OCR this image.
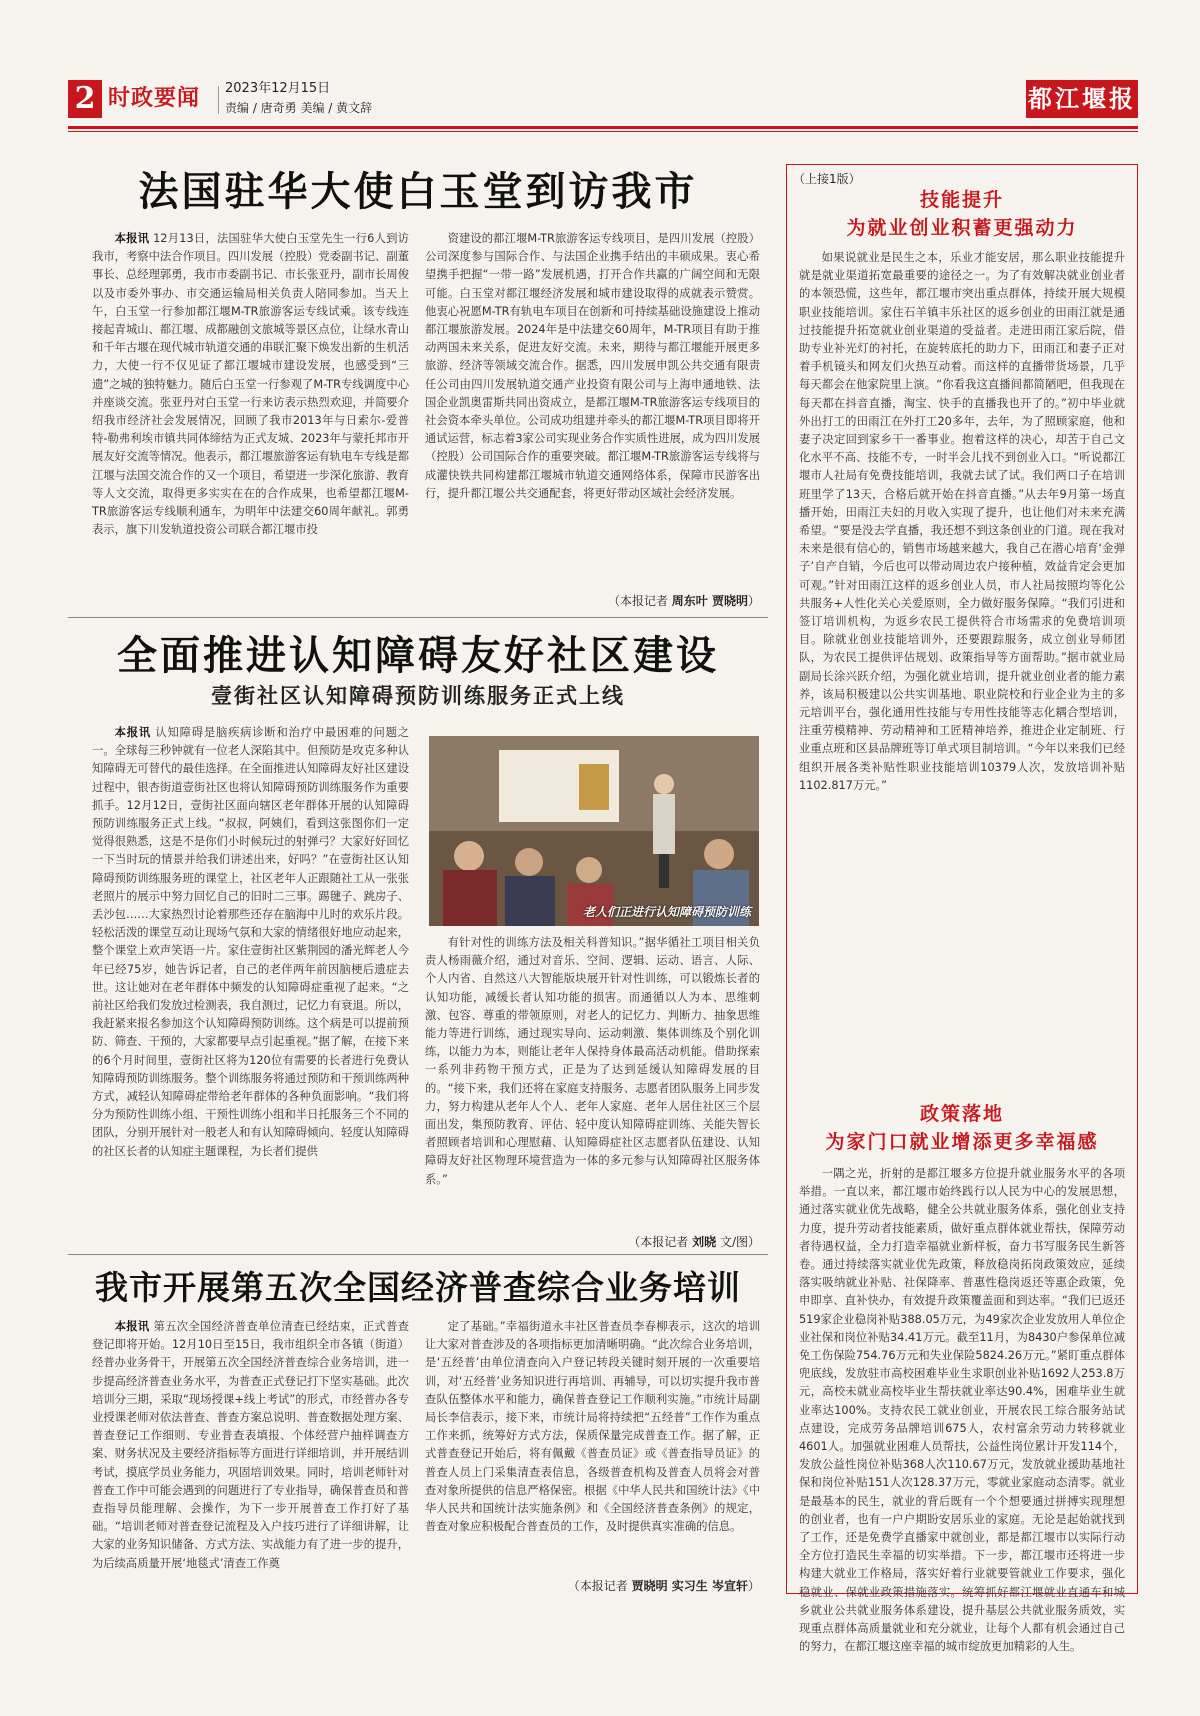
2 时政要闻 2023年12月15日
责编 / 唐奇勇 美编 / 黄文辞	都江堰报
法国驻华大使白玉堂到访我市

本报讯 12月13日，法国驻华大使白玉堂先生一行6人到访我市，考察中法合作项目。四川发展（控股）党委副书记、副董事长、总经理郭勇，我市市委副书记、市长张亚丹，副市长周俊以及市委外事办、市交通运输局相关负责人陪同参加。当天上午，白玉堂一行参加都江堰M-TR旅游客运专线试乘。该专线连接起青城山、都江堰、成都融创文旅城等景区点位，让绿水青山和千年古堰在现代城市轨道交通的串联汇聚下焕发出新的生机活力，大使一行不仅见证了都江堰城市建设发展，也感受到“三遗”之城的独特魅力。随后白玉堂一行参观了M-TR专线调度中心并座谈交流。张亚丹对白玉堂一行来访表示热烈欢迎，并简要介绍我市经济社会发展情况，回顾了我市2013年与日索尔-爱普特-勒弗利埃市镇共同体缔结为正式友城、2023年与蒙托邦市开展友好交流等情况。他表示，都江堰旅游客运有轨电车专线是都江堰与法国交流合作的又一个项目，希望进一步深化旅游、教育等人文交流，取得更多实实在在的合作成果，也希望都江堰M-TR旅游客运专线顺利通车，为明年中法建交60周年献礼。郭勇表示，旗下川发轨道投资公司联合都江堰市投

资建设的都江堰M-TR旅游客运专线项目，是四川发展（控股）公司深度参与国际合作、与法国企业携手结出的丰硕成果。衷心希望携手把握“一带一路”发展机遇，打开合作共赢的广阔空间和无限可能。白玉堂对都江堰经济发展和城市建设取得的成就表示赞赏。他衷心祝愿M-TR有轨电车项目在创新和可持续基础设施建设上推动都江堰旅游发展。2024年是中法建交60周年，M-TR项目有助于推动两国未来关系，促进友好交流。未来，期待与都江堰能开展更多旅游、经济等领域交流合作。据悉，四川发展申凯公共交通有限责任公司由四川发展轨道交通产业投资有限公司与上海申通地铁、法国企业凯奥雷斯共同出资成立，是都江堰M-TR旅游客运专线项目的社会资本牵头单位。公司成功组建并牵头的都江堰M-TR项目即将开通试运营，标志着3家公司实现业务合作实质性进展，成为四川发展（控股）公司国际合作的重要突破。都江堰M-TR旅游客运专线将与成灌快铁共同构建都江堰城市轨道交通网络体系，保障市民游客出行，提升都江堰公共交通配套，将更好带动区域社会经济发展。

（本报记者 周东叶 贾晓明）
全面推进认知障碍友好社区建设
壹街社区认知障碍预防训练服务正式上线

本报讯 认知障碍是脑疾病诊断和治疗中最困难的问题之一。全球每三秒钟就有一位老人深陷其中。但预防是攻克多种认知障碍无可替代的最佳选择。在全面推进认知障碍友好社区建设过程中，银杏街道壹街社区也将认知障碍预防训练服务作为重要抓手。12月12日，壹街社区面向辖区老年群体开展的认知障碍预防训练服务正式上线。“叔叔，阿姨们，看到这张图你们一定觉得很熟悉，这是不是你们小时候玩过的射弹弓？大家好好回忆一下当时玩的情景并给我们讲述出来，好吗？”在壹街社区认知障碍预防训练服务班的课堂上，社区老年人正跟随社工从一张张老照片的展示中努力回忆自己的旧时二三事。踢毽子、跳房子、丢沙包……大家热烈讨论着那些还存在脑海中儿时的欢乐片段。轻松活泼的课堂互动让现场气氛和大家的情绪很好地应动起来，整个课堂上欢声笑语一片。家住壹街社区紫荆园的潘光辉老人今年已经75岁，她告诉记者，自己的老伴两年前因脑梗后遗症去世。这让她对在老年群体中频发的认知障碍症重视了起来。“之前社区给我们发放过检测表，我自测过，记忆力有衰退。所以，我赶紧来报名参加这个认知障碍预防训练。这个病是可以提前预防、筛查、干预的，大家都要早点引起重视。”据了解，在接下来的6个月时间里，壹街社区将为120位有需要的长者进行免费认知障碍预防训练服务。整个训练服务将通过预防和干预训练两种方式，减轻认知障碍症带给老年群体的各种负面影响。“我们将分为预防性训练小组、干预性训练小组和半日托服务三个不同的团队，分别开展针对一般老人和有认知障碍倾向、轻度认知障碍的社区长者的认知症主题课程，为长者们提供

老人们正进行认知障碍预防训练

有针对性的训练方法及相关科普知识。”据华循社工项目相关负责人杨雨薇介绍，通过对音乐、空间、逻辑、运动、语言、人际、个人内省、自然这八大智能版块展开针对性训练，可以锻炼长者的认知功能，减缓长者认知功能的损害。而通循以人为本、思维刺激、包容、尊重的带领原则，对老人的记忆力、判断力、抽象思维能力等进行训练，通过现实导向、运动刺激、集体训练及个别化训练，以能力为本，则能让老年人保持身体最高活动机能。借助探索一系列非药物干预方式，正是为了达到延缓认知障碍发展的目的。“接下来，我们还将在家庭支持服务、志愿者团队服务上同步发力，努力构建从老年人个人、老年人家庭、老年人居住社区三个层面出发，集预防教育、评估、轻中度认知障碍症训练、关能失智长者照顾者培训和心理慰藉、认知障碍症社区志愿者队伍建设、认知障碍友好社区物理环境营造为一体的多元参与认知障碍社区服务体系。”

（本报记者 刘晓 文/图）
我市开展第五次全国经济普查综合业务培训

本报讯 第五次全国经济普查单位清查已经结束，正式普查登记即将开始。12月10日至15日，我市组织全市各镇（街道）经普办业务骨干，开展第五次全国经济普查综合业务培训，进一步提高经济普查业务水平，为普查正式登记打下坚实基础。此次培训分三期，采取“现场授课+线上考试”的形式，市经普办各专业授课老师对依法普查、普查方案总说明、普查数据处理方案、普查登记工作细则、专业普查表填报、个体经营户抽样调查方案、财务状况及主要经济指标等方面进行详细培训，并开展结训考试，摸底学员业务能力，巩固培训效果。同时，培训老师针对普查工作中可能会遇到的问题进行了专业指导，确保普查员和普查指导员能理解、会操作，为下一步开展普查工作打好了基础。“培训老师对普查登记流程及入户技巧进行了详细讲解，让大家的业务知识储备、方式方法、实战能力有了进一步的提升，为后续高质量开展‘地毯式’清查工作奠

定了基础。”幸福街道永丰社区普查员李春柳表示，这次的培训让大家对普查涉及的各项指标更加清晰明确。“此次综合业务培训，是‘五经普’由单位清查向入户登记转段关键时刻开展的一次重要培训，对‘五经普’业务知识进行再培训、再辅导，可以切实提升我市普查队伍整体水平和能力，确保普查登记工作顺利实施。”市统计局副局长李信表示，接下来，市统计局将持续把“五经普”工作作为重点工作来抓，统筹好方式方法，保质保量完成普查工作。据了解，正式普查登记开始后，将有佩戴《普查员证》或《普查指导员证》的普查人员上门采集清查表信息，各级普查机构及普查人员将会对普查对象所提供的信息严格保密。根据《中华人民共和国统计法》《中华人民共和国统计法实施条例》和《全国经济普查条例》的规定，普查对象应积极配合普查员的工作，及时提供真实准确的信息。

（本报记者 贾晓明 实习生 岑宣轩）
（上接1版）
技能提升
为就业创业积蓄更强动力

如果说就业是民生之本，乐业才能安居，那么职业技能提升就是就业渠道拓宽最重要的途径之一。为了有效解决就业创业者的本领恐慌，这些年，都江堰市突出重点群体，持续开展大规模职业技能培训。家住石羊镇丰乐社区的返乡创业的田雨江就是通过技能提升拓宽就业创业渠道的受益者。走进田雨江家后院，借助专业补光灯的衬托，在旋转底托的助力下，田雨江和妻子正对着手机镜头和网友们火热互动着。而这样的直播带货场景，几乎每天都会在他家院里上演。“你看我这直播间都简陋吧，但我现在每天都在抖音直播，淘宝、快手的直播我也开了的。”初中毕业就外出打工的田雨江在外打工20多年，去年，为了照顾家庭，他和妻子决定回到家乡干一番事业。抱着这样的决心，却苦于自己文化水平不高、技能不专，一时半会儿找不到创业入口。“听说都江堰市人社局有免费技能培训，我就去试了试。我们两口子在培训班里学了13天，合格后就开始在抖音直播。”从去年9月第一场直播开始，田雨江夫妇的月收入实现了提升，也让他们对未来充满希望。“要是没去学直播，我还想不到这条创业的门道。现在我对未来是很有信心的，销售市场越来越大，我自己在潜心培育‘金弹子’自产自销，今后也可以带动周边农户接种植，效益肯定会更加可观。”针对田雨江这样的返乡创业人员，市人社局按照均等化公共服务+人性化关心关爱原则，全力做好服务保障。“我们引进和签订培训机构，为返乡农民工提供符合市场需求的免费培训项目。除就业创业技能培训外，还要跟踪服务，成立创业导师团队，为农民工提供评估规划、政策指导等方面帮助。”据市就业局副局长涂兴跃介绍，为强化就业培训，提升就业创业者的能力素养，该局积极建以公共实训基地、职业院校和行业企业为主的多元培训平台，强化通用性技能与专用性技能等志化耦合型培训，注重劳模精神、劳动精神和工匠精神培养，推进企业定制班、行业重点班和区县品牌班等订单式项目制培训。“今年以来我们已经组织开展各类补贴性职业技能培训10379人次，发放培训补贴1102.817万元。”

政策落地
为家门口就业增添更多幸福感

一隅之光，折射的是都江堰多方位提升就业服务水平的各项举措。一直以来，都江堰市始终践行以人民为中心的发展思想，通过落实就业优先战略，健全公共就业服务体系，强化创业支持力度，提升劳动者技能素质，做好重点群体就业帮扶，保障劳动者待遇权益，全力打造幸福就业新样板，奋力书写服务民生新答卷。通过持续落实就业优先政策，释放稳岗拓岗政策效应，延续落实吸纳就业补贴、社保降率、普惠性稳岗返还等惠企政策，免申即享、直补快办，有效提升政策覆盖面和到达率。“我们已返还519家企业稳岗补贴388.05万元，为49家次企业发放用人单位企业社保和岗位补贴34.41万元。截至11月，为8430户参保单位减免工伤保险754.76万元和失业保险5824.26万元。”紧盯重点群体兜底线，发放驻市高校困难毕业生求职创业补贴1692人253.8万元，高校未就业高校毕业生帮扶就业率达90.4%，困难毕业生就业率达100%。支持农民工就业创业，开展农民工综合服务站试点建设，完成劳务品牌培训675人，农村富余劳动力转移就业4601人。加强就业困难人员帮扶，公益性岗位累计开发114个，发放公益性岗位补贴368人次110.67万元，发放就业援助基地社保和岗位补贴151人次128.37万元，零就业家庭动态清零。就业是最基本的民生，就业的背后既有一个个想要通过拼搏实现理想的创业者，也有一户户期盼安居乐业的家庭。无论是起始就找到了工作，还是免费学直播家中就创业，都是都江堰市以实际行动全方位打造民生幸福的切实举措。下一步，都江堰市还将进一步构建大就业工作格局，落实好着行业就要管就业工作要求，强化稳就业、保就业政策措施落实。统筹抓好都江堰就业直通车和城乡就业公共就业服务体系建设，提升基层公共就业服务质效，实现重点群体高质量就业和充分就业，让每个人都有机会通过自己的努力，在都江堰这座幸福的城市绽放更加精彩的人生。
